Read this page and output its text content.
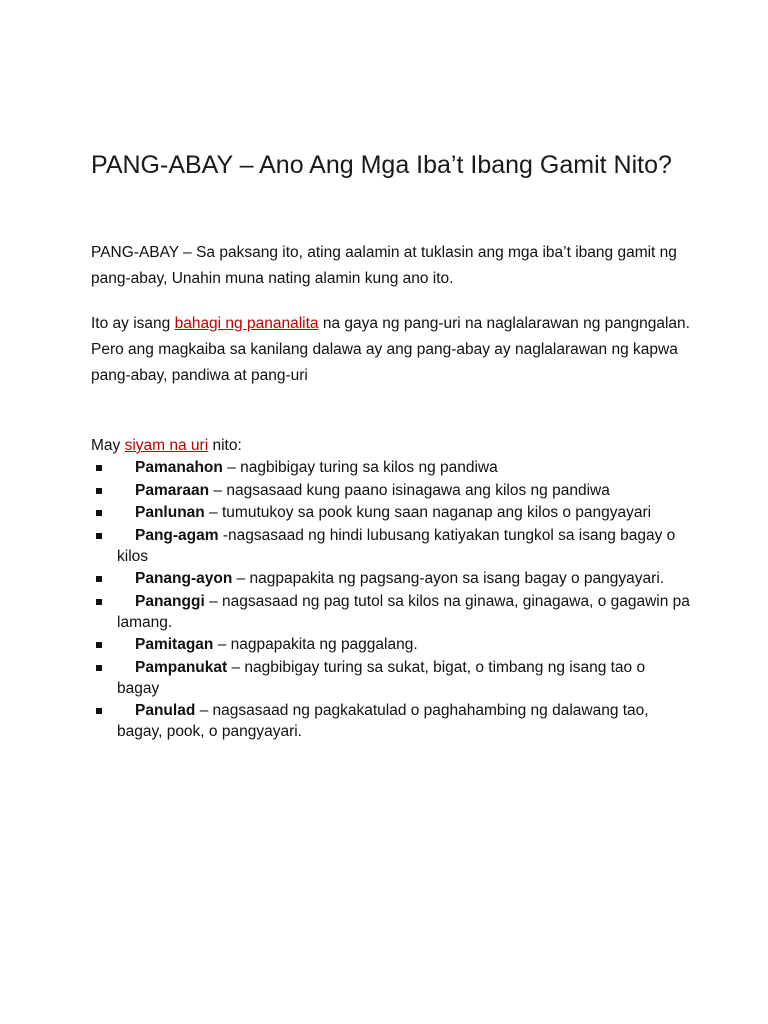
PANG-ABAY – Ano Ang Mga Iba’t Ibang Gamit Nito?

PANG-ABAY – Sa paksang ito, ating aalamin at tuklasin ang mga iba’t ibang gamit ng pang-abay, Unahin muna nating alamin kung ano ito.

Ito ay isang bahagi ng pananalita na gaya ng pang-uri na naglalarawan ng pangngalan. Pero ang magkaiba sa kanilang dalawa ay ang pang-abay ay naglalarawan ng kapwa pang-abay, pandiwa at pang-uri

May siyam na uri nito:

Pamanahon – nagbibigay turing sa kilos ng pandiwa
Pamaraan – nagsasaad kung paano isinagawa ang kilos ng pandiwa
Panlunan – tumutukoy sa pook kung saan naganap ang kilos o pangyayari
Pang-agam -nagsasaad ng hindi lubusang katiyakan tungkol sa isang bagay o kilos
Panang-ayon – nagpapakita ng pagsang-ayon sa isang bagay o pangyayari.
Pananggi – nagsasaad ng pag tutol sa kilos na ginawa, ginagawa, o gagawin pa lamang.
Pamitagan – nagpapakita ng paggalang.
Pampanukat – nagbibigay turing sa sukat, bigat, o timbang ng isang tao o bagay
Panulad – nagsasaad ng pagkakatulad o paghahambing ng dalawang tao, bagay, pook, o pangyayari.
